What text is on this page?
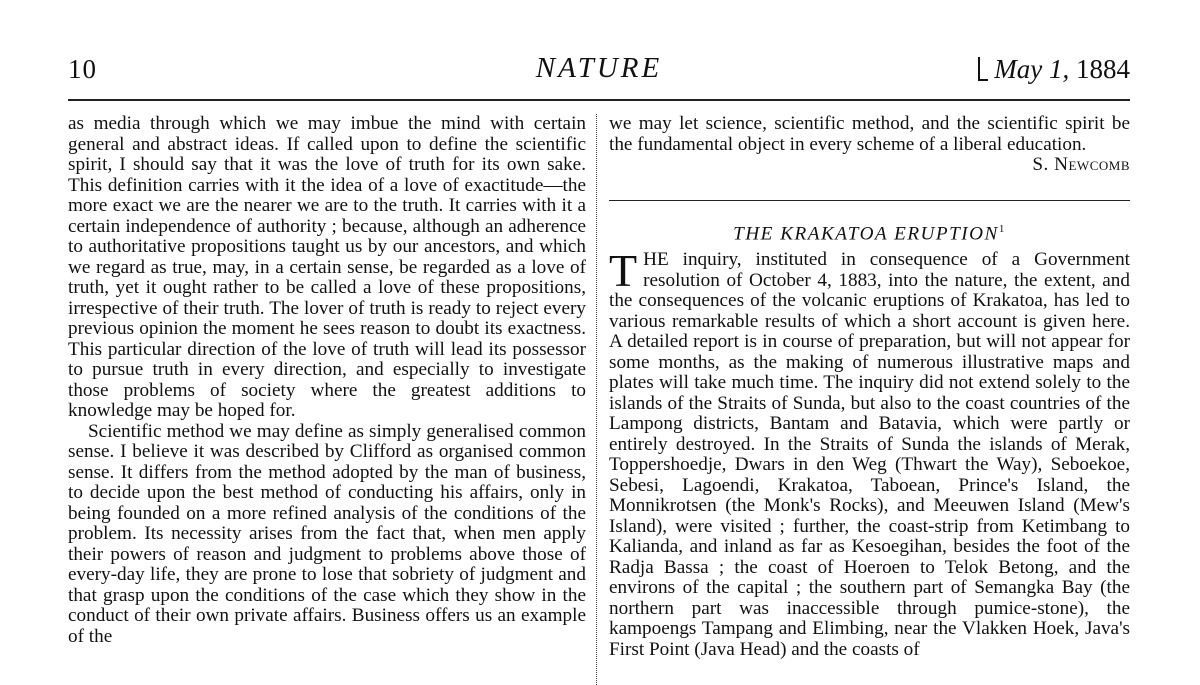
10	NATURE	May 1, 1884

as media through which we may imbue the mind with certain general and abstract ideas. If called upon to define the scientific spirit, I should say that it was the love of truth for its own sake. This definition carries with it the idea of a love of exactitude—the more exact we are the nearer we are to the truth. It carries with it a certain independence of authority ; because, although an adherence to authoritative propositions taught us by our ancestors, and which we regard as true, may, in a certain sense, be regarded as a love of truth, yet it ought rather to be called a love of these propositions, irrespective of their truth. The lover of truth is ready to reject every previous opinion the moment he sees reason to doubt its exactness. This particular direction of the love of truth will lead its possessor to pursue truth in every direction, and especially to investigate those problems of society where the greatest additions to knowledge may be hoped for.

Scientific method we may define as simply generalised common sense. I believe it was described by Clifford as organised common sense. It differs from the method adopted by the man of business, to decide upon the best method of conducting his affairs, only in being founded on a more refined analysis of the conditions of the problem. Its necessity arises from the fact that, when men apply their powers of reason and judgment to problems above those of every-day life, they are prone to lose that sobriety of judgment and that grasp upon the conditions of the case which they show in the conduct of their own private affairs. Business offers us an example of the

we may let science, scientific method, and the scientific spirit be the fundamental object in every scheme of a liberal education.

S. Newcomb
THE KRAKATOA ERUPTION$^1$

THE inquiry, instituted in consequence of a Government resolution of October 4, 1883, into the nature, the extent, and the consequences of the volcanic eruptions of Krakatoa, has led to various remarkable results of which a short account is given here. A detailed report is in course of preparation, but will not appear for some months, as the making of numerous illustrative maps and plates will take much time. The inquiry did not extend solely to the islands of the Straits of Sunda, but also to the coast countries of the Lampong districts, Bantam and Batavia, which were partly or entirely destroyed. In the Straits of Sunda the islands of Merak, Toppershoedje, Dwars in den Weg (Thwart the Way), Seboekoe, Sebesi, Lagoendi, Krakatoa, Taboean, Prince's Island, the Monnikrotsen (the Monk's Rocks), and Meeuwen Island (Mew's Island), were visited ; further, the coast-strip from Ketimbang to Kalianda, and inland as far as Kesoegihan, besides the foot of the Radja Bassa ; the coast of Hoeroen to Telok Betong, and the environs of the capital ; the southern part of Semangka Bay (the northern part was inaccessible through pumice-stone), the kampoengs Tampang and Elimbing, near the Vlakken Hoek, Java's First Point (Java Head) and the coasts of
